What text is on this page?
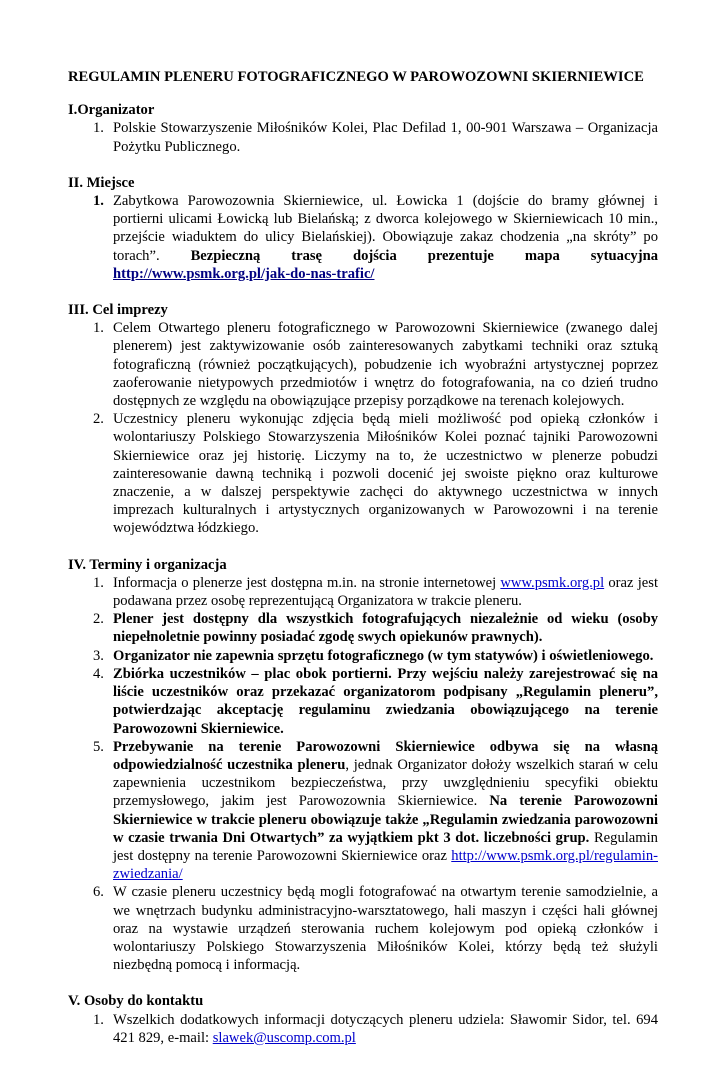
REGULAMIN PLENERU FOTOGRAFICZNEGO W PAROWOZOWNI SKIERNIEWICE
I.Organizator
1. Polskie Stowarzyszenie Miłośników Kolei, Plac Defilad 1, 00-901 Warszawa – Organizacja Pożytku Publicznego.
II. Miejsce
1. Zabytkowa Parowozownia Skierniewice, ul. Łowicka 1 (dojście do bramy głównej i portierni ulicami Łowicką lub Bielańską; z dworca kolejowego w Skierniewicach 10 min., przejście wiaduktem do ulicy Bielańskiej). Obowiązuje zakaz chodzenia „na skróty” po torach”. Bezpieczną trasę dojścia prezentuje mapa sytuacyjna http://www.psmk.org.pl/jak-do-nas-trafic/
III. Cel imprezy
1. Celem Otwartego pleneru fotograficznego w Parowozowni Skierniewice (zwanego dalej plenerem) jest zaktywizowanie osób zainteresowanych zabytkami techniki oraz sztuką fotograficzną (również początkujących), pobudzenie ich wyobraźni artystycznej poprzez zaoferowanie nietypowych przedmiotów i wnętrz do fotografowania, na co dzień trudno dostępnych ze względu na obowiązujące przepisy porządkowe na terenach kolejowych.
2. Uczestnicy pleneru wykonując zdjęcia będą mieli możliwość pod opieką członków i wolontariuszy Polskiego Stowarzyszenia Miłośników Kolei poznać tajniki Parowozowni Skierniewice oraz jej historię. Liczymy na to, że uczestnictwo w plenerze pobudzi zainteresowanie dawną techniką i pozwoli docenić jej swoiste piękno oraz kulturowe znaczenie, a w dalszej perspektywie zachęci do aktywnego uczestnictwa w innych imprezach kulturalnych i artystycznych organizowanych w Parowozowni i na terenie województwa łódzkiego.
IV. Terminy i organizacja
1. Informacja o plenerze jest dostępna m.in. na stronie internetowej www.psmk.org.pl oraz jest podawana przez osobę reprezentującą Organizatora w trakcie pleneru.
2. Plener jest dostępny dla wszystkich fotografujących niezależnie od wieku (osoby niepełnoletnie powinny posiadać zgodę swych opiekunów prawnych).
3. Organizator nie zapewnia sprzętu fotograficznego (w tym statywów) i oświetleniowego.
4. Zbiórka uczestników – plac obok portierni. Przy wejściu należy zarejestrować się na liście uczestników oraz przekazać organizatorom podpisany „Regulamin pleneru”, potwierdzając akceptację regulaminu zwiedzania obowiązującego na terenie Parowozowni Skierniewice.
5. Przebywanie na terenie Parowozowni Skierniewice odbywa się na własną odpowiedzialność uczestnika pleneru, jednak Organizator dołoży wszelkich starań w celu zapewnienia uczestnikom bezpieczeństwa, przy uwzględnieniu specyfiki obiektu przemysłowego, jakim jest Parowozownia Skierniewice. Na terenie Parowozowni Skierniewice w trakcie pleneru obowiązuje także „Regulamin zwiedzania parowozowni w czasie trwania Dni Otwartych” za wyjątkiem pkt 3 dot. liczebności grup. Regulamin jest dostępny na terenie Parowozowni Skierniewice oraz http://www.psmk.org.pl/regulamin-zwiedzania/
6. W czasie pleneru uczestnicy będą mogli fotografować na otwartym terenie samodzielnie, a we wnętrzach budynku administracyjno-warsztatowego, hali maszyn i części hali głównej oraz na wystawie urządzeń sterowania ruchem kolejowym pod opieką członków i wolontariuszy Polskiego Stowarzyszenia Miłośników Kolei, którzy będą też służyli niezbędną pomocą i informacją.
V. Osoby do kontaktu
1. Wszelkich dodatkowych informacji dotyczących pleneru udziela: Sławomir Sidor, tel. 694 421 829, e-mail: slawek@uscomp.com.pl
